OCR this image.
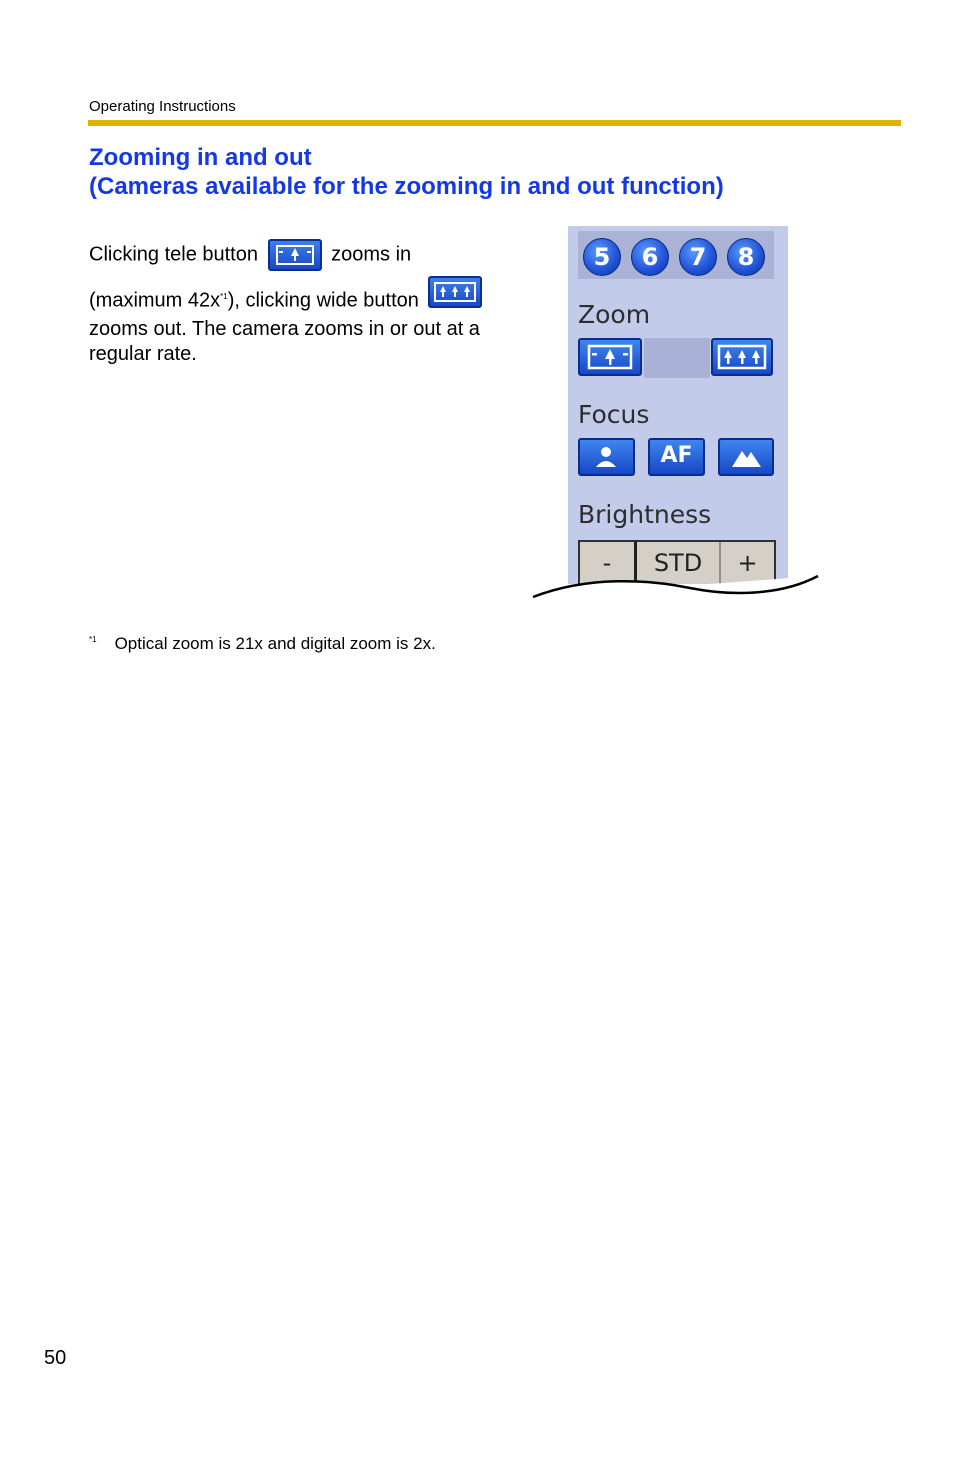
Operating Instructions
Zooming in and out
(Cameras available for the zooming in and out function)
Clicking tele button	zooms in
(maximum 42x$^{*1}$), clicking wide button
zooms out. The camera zooms in or out at a regular rate.
5	6	7	8
Zoom
Focus
AF
Brightness
-	STD	+
$^{*1}$ Optical zoom is 21x and digital zoom is 2x.
50
